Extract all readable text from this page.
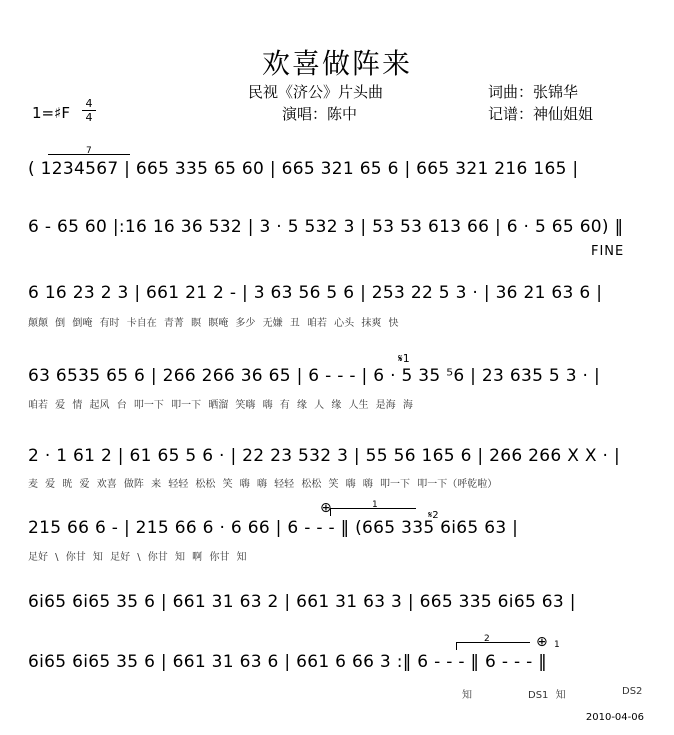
欢喜做阵来
民视《济公》片头曲	词曲：张锦华
演唱：陈中	记谱：神仙姐姐
1=♯F
4
4
7
( 1234567 | 665 335 65 60 | 665 321 65 6 | 665 321 216 165 |
6 - 65 60 |:16 16 36 532 | 3 · 5 532 3 | 53 53 613 66 | 6 · 5 65 60) ‖
FINE
6 16 23 2 3 | 661 21 2 - | 3 63 56 5 6 | 253 22 5 3 · | 36 21 63 6 |
颠颠 倒 倒唵 有时 卡自在 青菁 瞑 瞑唵 多少 无嫌 丑 咱若 心头 抹爽 快
𝄋1
63 6535 65 6 | 266 266 36 65 | 6 - - - | 6 · 5 35 ⁵6 | 23 635 5 3 · |
咱若 爱 情 起风 台 叩一下 叩一下 晒溜 笑嗨 嗨 有 缘 人 缘 人生 是海 海
2 · 1 61 2 | 61 65 5 6 · | 22 23 532 3 | 55 56 165 6 | 266 266 X X · |
麦 爱 晄 爱 欢喜 做阵 来 轻轻 松松 笑 嗨 嗨 轻轻 松松 笑 嗨 嗨 叩一下 叩一下（呼乾啦）
1
𝄋2
215 66 6 - | 215 66 6 · 6 66 | 6 - - - ‖ (665 335 6i65 63 |
足好 \ 你甘 知 足好 \ 你甘 知 啊 你甘 知
6i65 6i65 35 6 | 661 31 63 2 | 661 31 63 3 | 665 335 6i65 63 |
2	⊕ 1
6i65 6i65 35 6 | 661 31 63 6 | 661 6 66 3 :‖ 6 - - - ‖ 6 - - - ‖
⊕
知	DS1 知	DS2
2010-04-06
